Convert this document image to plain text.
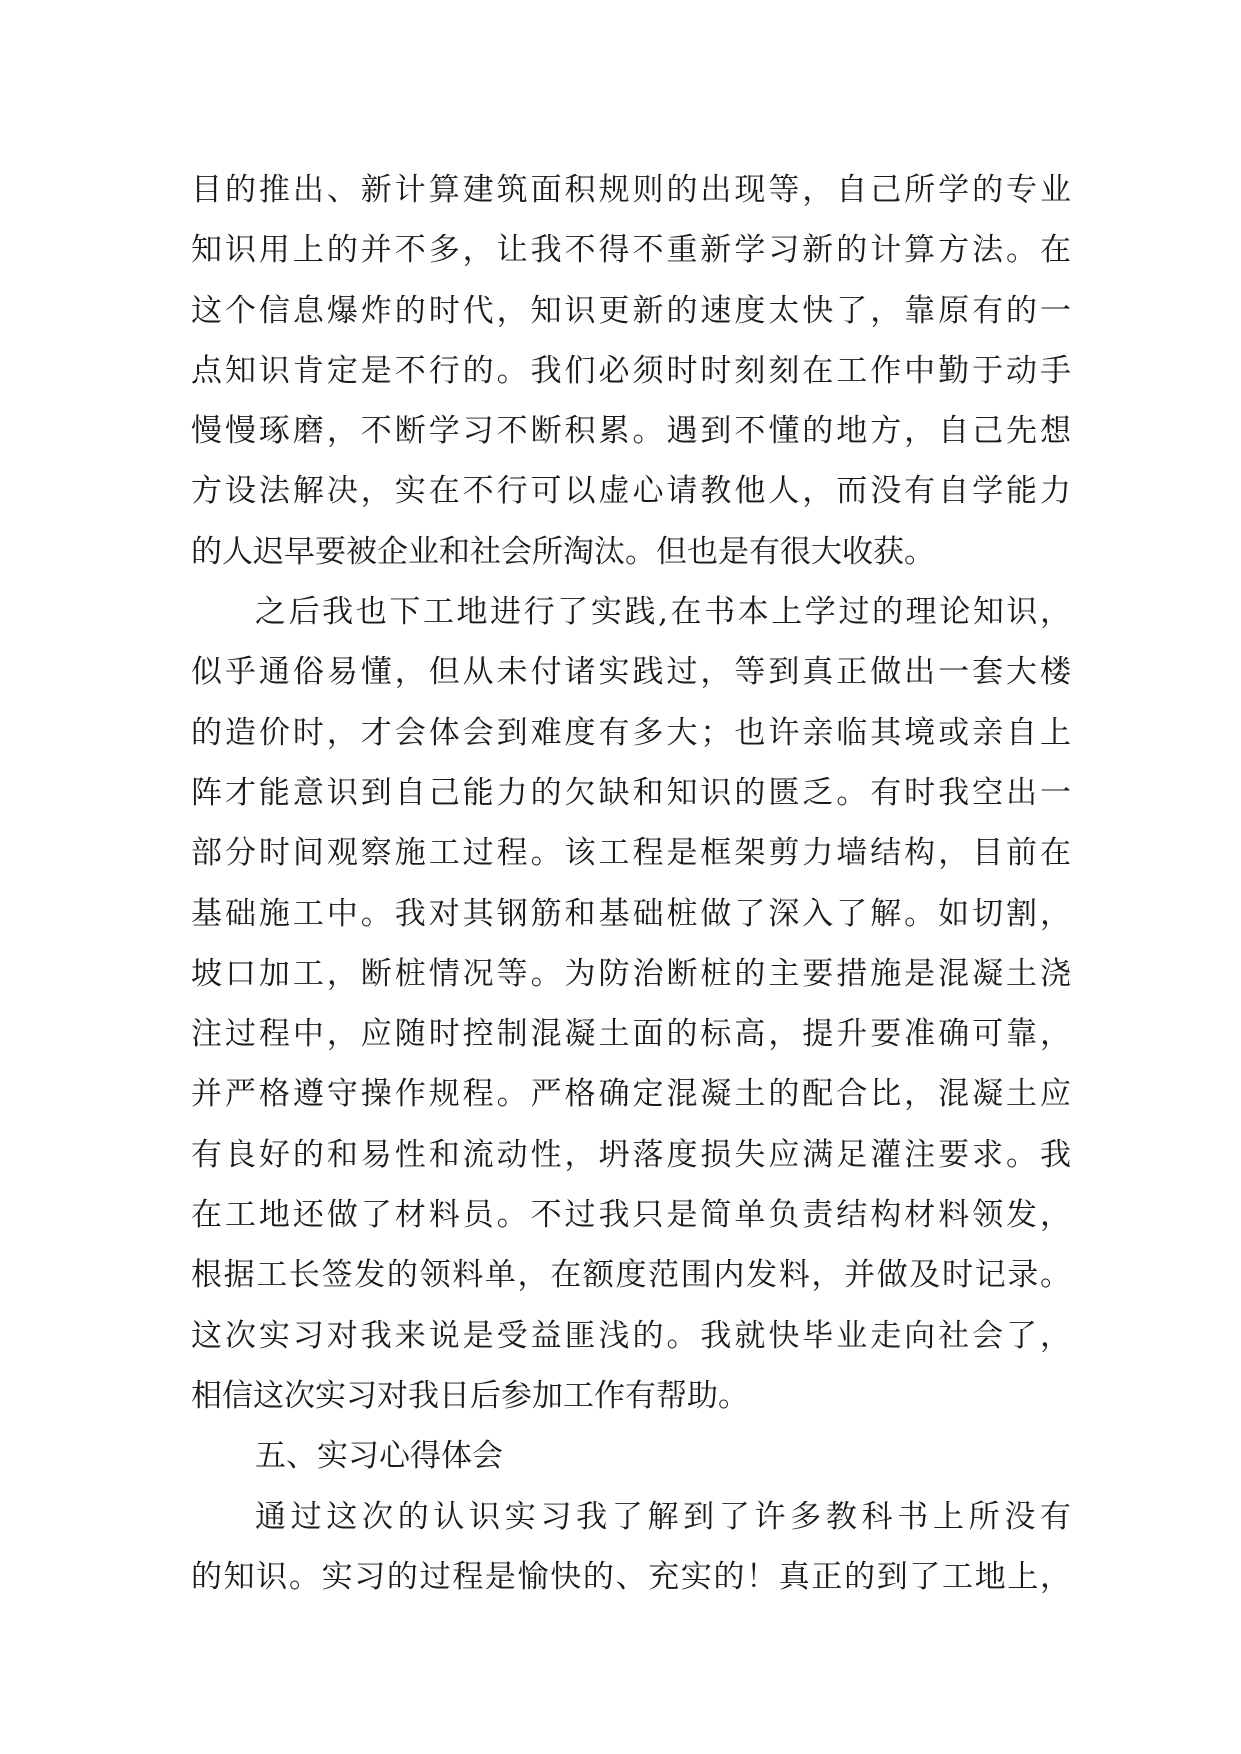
目的推出、新计算建筑面积规则的出现等，自己所学的专业
知识用上的并不多，让我不得不重新学习新的计算方法。在
这个信息爆炸的时代，知识更新的速度太快了，靠原有的一
点知识肯定是不行的。我们必须时时刻刻在工作中勤于动手
慢慢琢磨，不断学习不断积累。遇到不懂的地方，自己先想
方设法解决，实在不行可以虚心请教他人，而没有自学能力
的人迟早要被企业和社会所淘汰。但也是有很大收获。
之后我也下工地进行了实践,在书本上学过的理论知识，
似乎通俗易懂，但从未付诸实践过，等到真正做出一套大楼
的造价时，才会体会到难度有多大；也许亲临其境或亲自上
阵才能意识到自己能力的欠缺和知识的匮乏。有时我空出一
部分时间观察施工过程。该工程是框架剪力墙结构，目前在
基础施工中。我对其钢筋和基础桩做了深入了解。如切割，
坡口加工，断桩情况等。为防治断桩的主要措施是混凝土浇
注过程中，应随时控制混凝土面的标高，提升要准确可靠，
并严格遵守操作规程。严格确定混凝土的配合比，混凝土应
有良好的和易性和流动性，坍落度损失应满足灌注要求。我
在工地还做了材料员。不过我只是简单负责结构材料领发，
根据工长签发的领料单，在额度范围内发料，并做及时记录。
这次实习对我来说是受益匪浅的。我就快毕业走向社会了，
相信这次实习对我日后参加工作有帮助。
五、实习心得体会
通过这次的认识实习我了解到了许多教科书上所没有
的知识。实习的过程是愉快的、充实的！真正的到了工地上，
